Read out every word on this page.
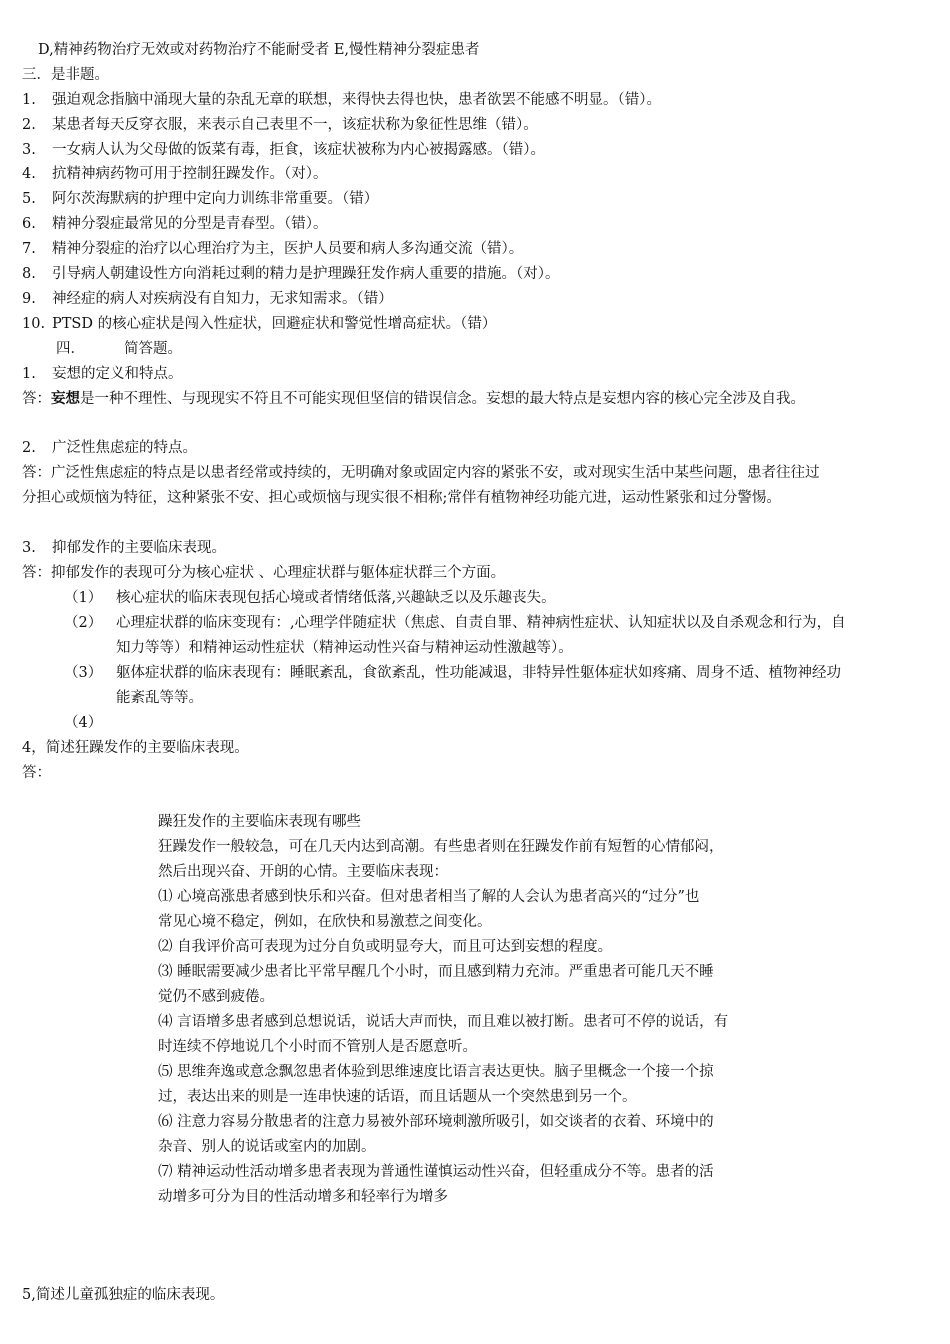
D,精神药物治疗无效或对药物治疗不能耐受者 E,慢性精神分裂症患者
三．是非题。
1. 强迫观念指脑中涌现大量的杂乱无章的联想，来得快去得也快，患者欲罢不能感不明显。（错）。
2. 某患者每天反穿衣服，来表示自己表里不一，该症状称为象征性思维（错）。
3. 一女病人认为父母做的饭菜有毒，拒食，该症状被称为内心被揭露感。（错）。
4. 抗精神病药物可用于控制狂躁发作。（对）。
5. 阿尔茨海默病的护理中定向力训练非常重要。（错）
6. 精神分裂症最常见的分型是青春型。（错）。
7. 精神分裂症的治疗以心理治疗为主，医护人员要和病人多沟通交流（错）。
8. 引导病人朝建设性方向消耗过剩的精力是护理躁狂发作病人重要的措施。（对）。
9. 神经症的病人对疾病没有自知力，无求知需求。（错）
10. PTSD 的核心症状是闯入性症状，回避症状和警觉性增高症状。（错）
四．	简答题。
1. 妄想的定义和特点。
答：妄想是一种不理性、与现现实不符且不可能实现但坚信的错误信念。妄想的最大特点是妄想内容的核心完全涉及自我。
2. 广泛性焦虑症的特点。
答：广泛性焦虑症的特点是以患者经常或持续的，无明确对象或固定内容的紧张不安，或对现实生活中某些问题，患者往往过
分担心或烦恼为特征，这种紧张不安、担心或烦恼与现实很不相称;常伴有植物神经功能亢进，运动性紧张和过分警惕。
3. 抑郁发作的主要临床表现。
答：抑郁发作的表现可分为核心症状 、心理症状群与躯体症状群三个方面。
（1） 核心症状的临床表现包括心境或者情绪低落,兴趣缺乏以及乐趣丧失。
（2） 心理症状群的临床变现有：,心理学伴随症状（焦虑、自责自罪、精神病性症状、认知症状以及自杀观念和行为，自
知力等等）和精神运动性症状（精神运动性兴奋与精神运动性激越等）。
（3） 躯体症状群的临床表现有：睡眠紊乱，食欲紊乱，性功能减退，非特异性躯体症状如疼痛、周身不适、植物神经功
能紊乱等等。
（4）
4，简述狂躁发作的主要临床表现。
答：
躁狂发作的主要临床表现有哪些
狂躁发作一般较急，可在几天内达到高潮。有些患者则在狂躁发作前有短暂的心情郁闷，
然后出现兴奋、开朗的心情。主要临床表现：
⑴ 心境高涨患者感到快乐和兴奋。但对患者相当了解的人会认为患者高兴的“过分”也
常见心境不稳定，例如，在欣快和易激惹之间变化。
⑵ 自我评价高可表现为过分自负或明显夸大，而且可达到妄想的程度。
⑶ 睡眠需要减少患者比平常早醒几个小时，而且感到精力充沛。严重患者可能几天不睡
觉仍不感到疲倦。
⑷ 言语增多患者感到总想说话，说话大声而快，而且难以被打断。患者可不停的说话，有
时连续不停地说几个小时而不管别人是否愿意听。
⑸ 思维奔逸或意念飘忽患者体验到思维速度比语言表达更快。脑子里概念一个接一个掠
过，表达出来的则是一连串快速的话语，而且话题从一个突然患到另一个。
⑹ 注意力容易分散患者的注意力易被外部环境刺激所吸引，如交谈者的衣着、环境中的
杂音、别人的说话或室内的加剧。
⑺ 精神运动性活动增多患者表现为普通性谨慎运动性兴奋，但轻重成分不等。患者的活
动增多可分为目的性活动增多和轻率行为增多
5,简述儿童孤独症的临床表现。
